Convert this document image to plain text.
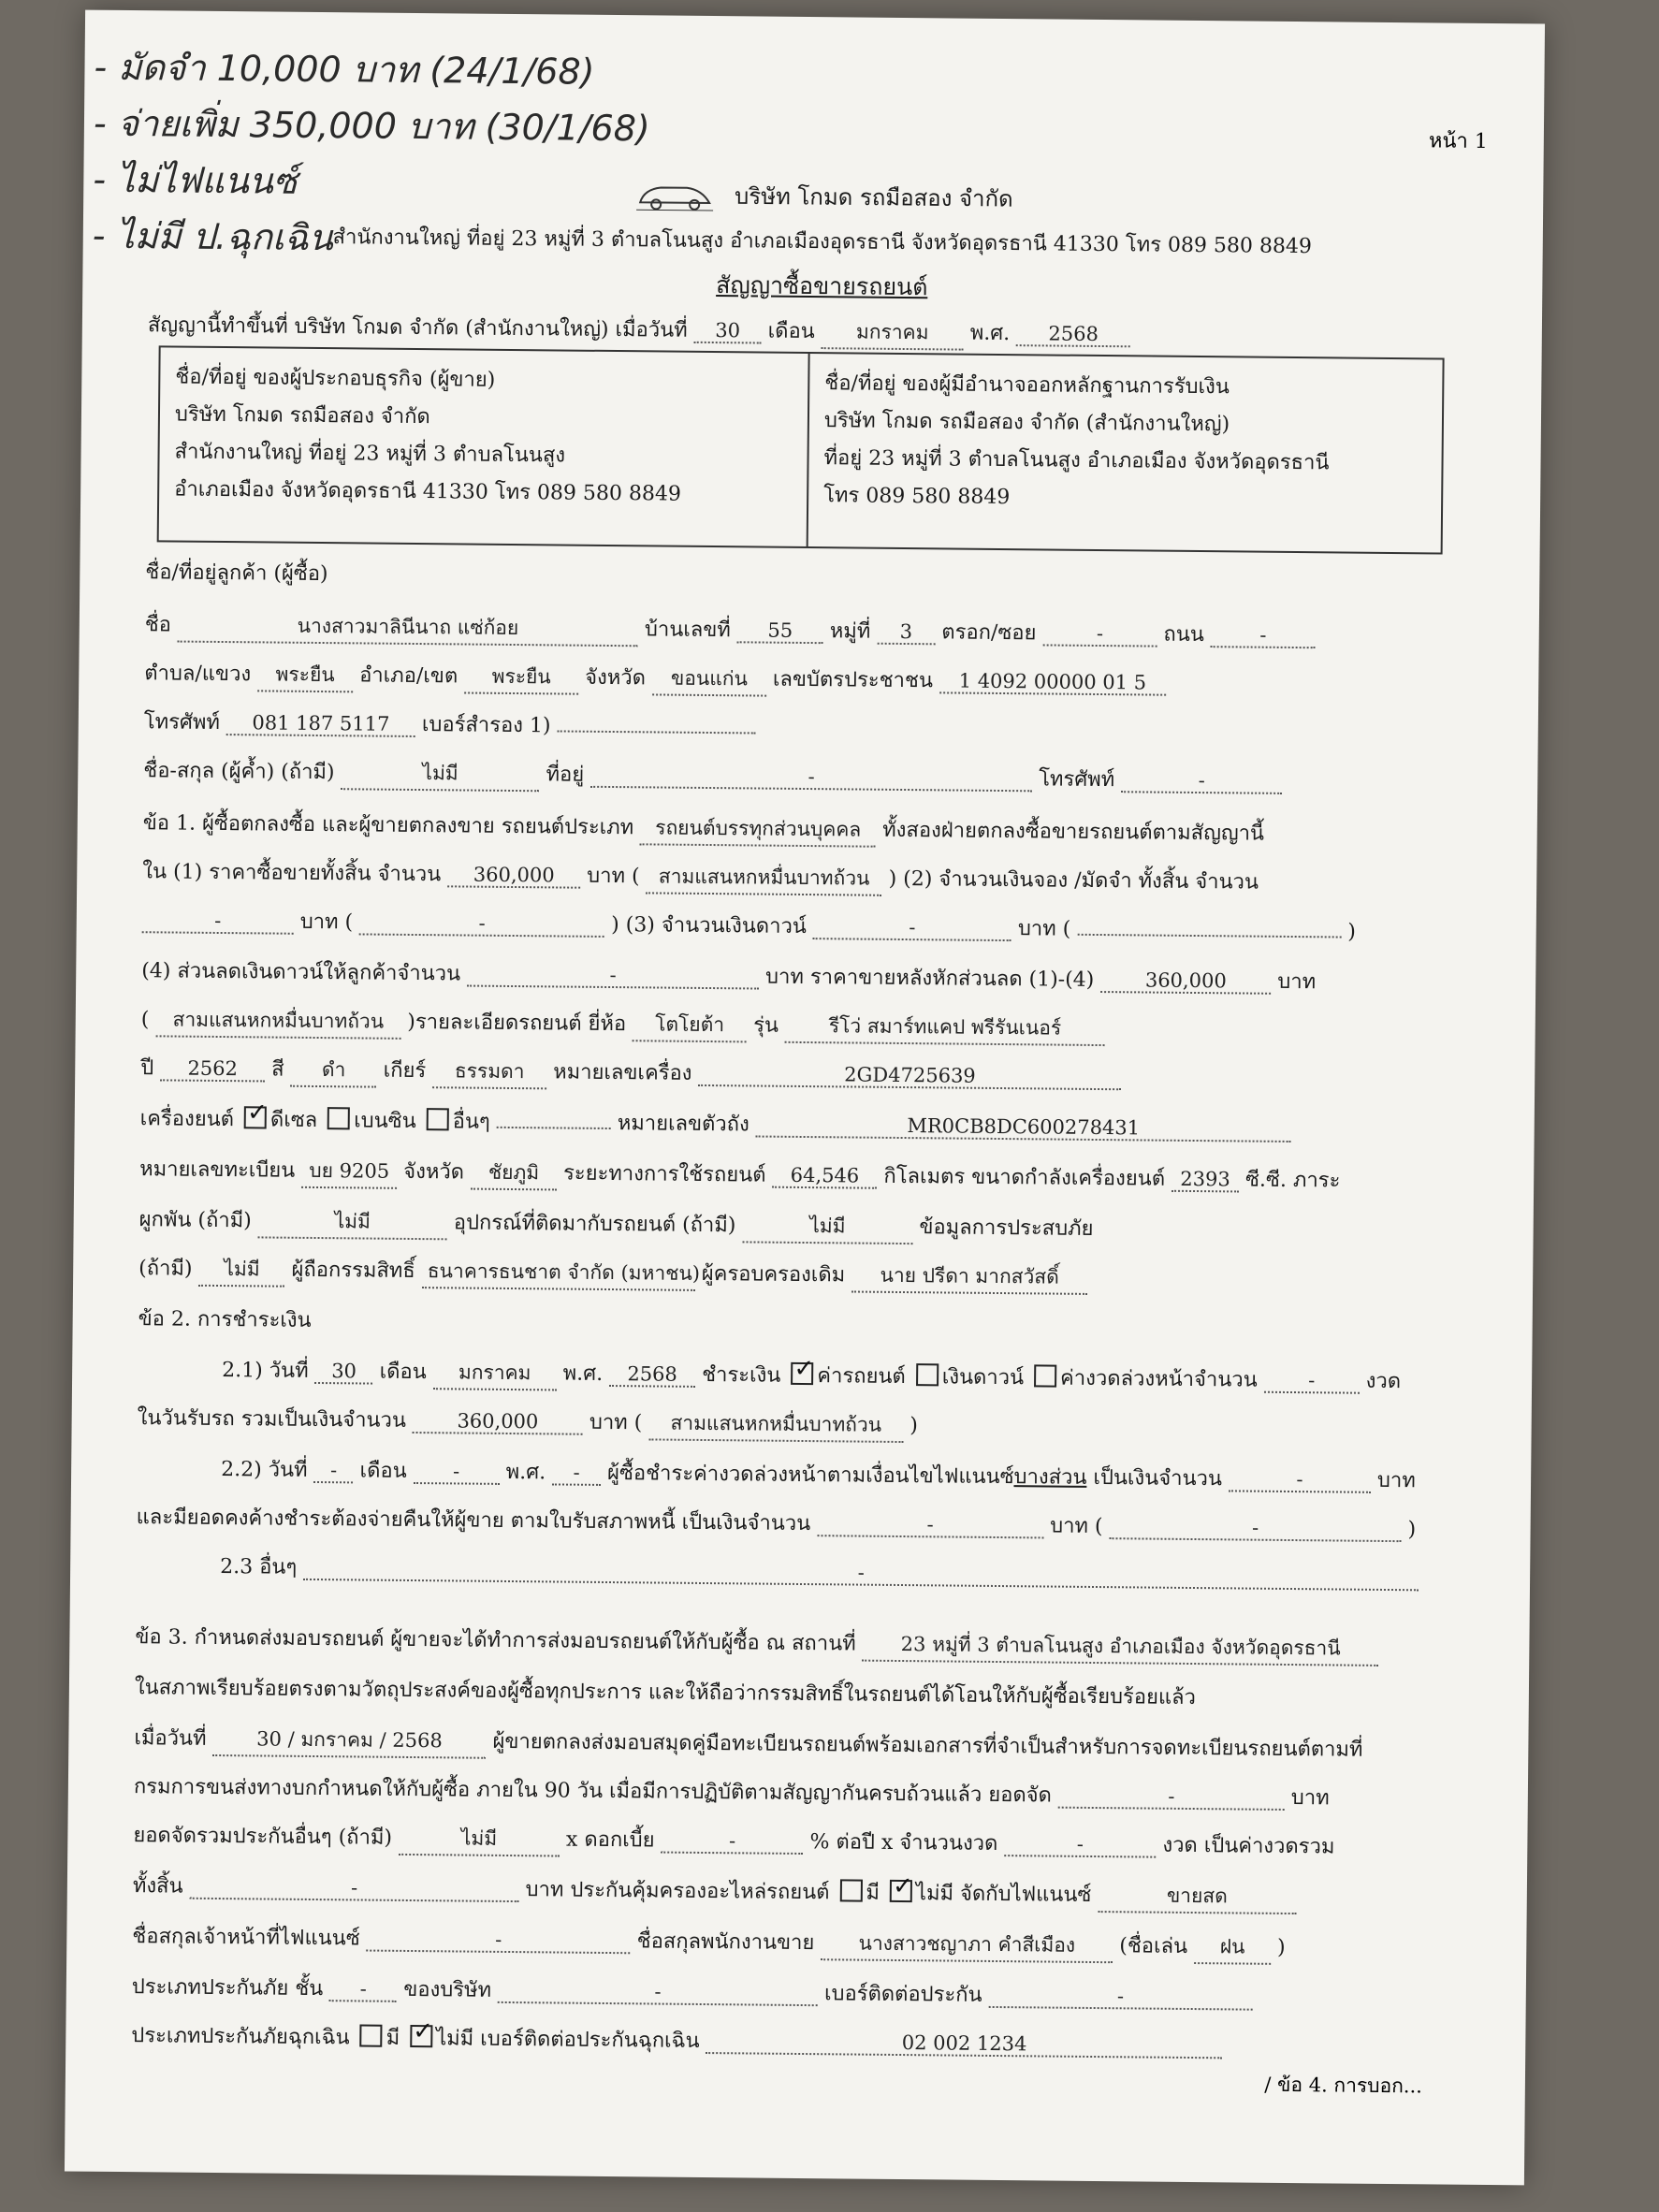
- มัดจำ 10,000 บาท (24/1/68)
- จ่ายเพิ่ม 350,000 บาท (30/1/68)
- ไม่ไฟแนนซ์
- ไม่มี ป.ฉุกเฉิน
หน้า 1
บริษัท โกมด รถมือสอง จำกัด
สำนักงานใหญ่ ที่อยู่ 23 หมู่ที่ 3 ตำบลโนนสูง อำเภอเมืองอุดรธานี จังหวัดอุดรธานี 41330 โทร 089 580 8849
สัญญาซื้อขายรถยนต์
สัญญานี้ทำขึ้นที่ บริษัท โกมด จำกัด (สำนักงานใหญ่) เมื่อวันที่ 30 เดือน มกราคม พ.ศ. 2568
ชื่อ/ที่อยู่ ของผู้ประกอบธุรกิจ (ผู้ขาย)
บริษัท โกมด รถมือสอง จำกัด
สำนักงานใหญ่ ที่อยู่ 23 หมู่ที่ 3 ตำบลโนนสูง
อำเภอเมือง จังหวัดอุดรธานี 41330 โทร 089 580 8849
ชื่อ/ที่อยู่ ของผู้มีอำนาจออกหลักฐานการรับเงิน
บริษัท โกมด รถมือสอง จำกัด (สำนักงานใหญ่)
ที่อยู่ 23 หมู่ที่ 3 ตำบลโนนสูง อำเภอเมือง จังหวัดอุดรธานี
โทร 089 580 8849
ชื่อ/ที่อยู่ลูกค้า (ผู้ซื้อ)
ชื่อ	นางสาวมาลินีนาถ แซ่ก้อย	บ้านเลขที่ 55 หมู่ที่ 3 ตรอก/ซอย	-	ถนน	-
ตำบล/แขวง พระยืน อำเภอ/เขต พระยืน จังหวัด ขอนแก่น เลขบัตรประชาชน 1 4092 00000 01 5
โทรศัพท์ 081 187 5117 เบอร์สำรอง 1)
ชื่อ-สกุล (ผู้ค้ำ) (ถ้ามี)	ไม่มี	ที่อยู่	-	โทรศัพท์	-
ข้อ 1. ผู้ซื้อตกลงซื้อ และผู้ขายตกลงขาย รถยนต์ประเภท รถยนต์บรรทุกส่วนบุคคล ทั้งสองฝ่ายตกลงซื้อขายรถยนต์ตามสัญญานี้
ใน (1) ราคาซื้อขายทั้งสิ้น จำนวน 360,000 บาท ( สามแสนหกหมื่นบาทถ้วน ) (2) จำนวนเงินจอง /มัดจำ ทั้งสิ้น จำนวน
-	บาท (	-	) (3) จำนวนเงินดาวน์	-	บาท (	)
(4) ส่วนลดเงินดาวน์ให้ลูกค้าจำนวน	-	บาท ราคาขายหลังหักส่วนลด (1)-(4)	360,000 บาท
( สามแสนหกหมื่นบาทถ้วน )รายละเอียดรถยนต์ ยี่ห้อ โตโยต้า รุ่น	รีโว่ สมาร์ทแคป พรีรันเนอร์
ปี 2562 สี ดำ เกียร์ ธรรมดา หมายเลขเครื่อง	2GD4725639
เครื่องยนต์ ✓ ดีเซล เบนซิน อื่นๆ	หมายเลขตัวถัง	MR0CB8DC600278431
หมายเลขทะเบียน บย 9205 จังหวัด ชัยภูมิ ระยะทางการใช้รถยนต์ 64,546 กิโลเมตร ขนาดกำลังเครื่องยนต์ 2393 ซี.ซี. ภาระ
ผูกพัน (ถ้ามี)	ไม่มี	อุปกรณ์ที่ติดมากับรถยนต์ (ถ้ามี)	ไม่มี	ข้อมูลการประสบภัย
(ถ้ามี) ไม่มี ผู้ถือกรรมสิทธิ์ ธนาคารธนชาต จำกัด (มหาชน) ผู้ครอบครองเดิม นาย ปรีดา มากสวัสดิ์
ข้อ 2. การชำระเงิน
2.1) วันที่ 30 เดือน มกราคม พ.ศ. 2568 ชำระเงิน ✓ ค่ารถยนต์ เงินดาวน์ ค่างวดล่วงหน้าจำนวน	- งวด
ในวันรับรถ รวมเป็นเงินจำนวน	360,000 บาท ( สามแสนหกหมื่นบาทถ้วน )
2.2) วันที่ - เดือน - พ.ศ. - ผู้ซื้อชำระค่างวดล่วงหน้าตามเงื่อนไขไฟแนนซ์บางส่วน เป็นเงินจำนวน	-	บาท
และมียอดคงค้างชำระต้องจ่ายคืนให้ผู้ขาย ตามใบรับสภาพหนี้ เป็นเงินจำนวน	-	บาท (	-	)
2.3 อื่นๆ	-
ข้อ 3. กำหนดส่งมอบรถยนต์ ผู้ขายจะได้ทำการส่งมอบรถยนต์ให้กับผู้ซื้อ ณ สถานที่ 23 หมู่ที่ 3 ตำบลโนนสูง อำเภอเมือง จังหวัดอุดรธานี
ในสภาพเรียบร้อยตรงตามวัตถุประสงค์ของผู้ซื้อทุกประการ และให้ถือว่ากรรมสิทธิ์ในรถยนต์ได้โอนให้กับผู้ซื้อเรียบร้อยแล้ว
เมื่อวันที่	30 / มกราคม / 2568 ผู้ขายตกลงส่งมอบสมุดคู่มือทะเบียนรถยนต์พร้อมเอกสารที่จำเป็นสำหรับการจดทะเบียนรถยนต์ตามที่
กรมการขนส่งทางบกกำหนดให้กับผู้ซื้อ ภายใน 90 วัน เมื่อมีการปฏิบัติตามสัญญากันครบถ้วนแล้ว ยอดจัด	-	บาท
ยอดจัดรวมประกันอื่นๆ (ถ้ามี)	ไม่มี	x ดอกเบี้ย	-	% ต่อปี x จำนวนงวด	-	งวด เป็นค่างวดรวม
ทั้งสิ้น	-	บาท ประกันคุ้มครองอะไหล่รถยนต์ มี ✓ ไม่มี จัดกับไฟแนนซ์	ขายสด
ชื่อสกุลเจ้าหน้าที่ไฟแนนซ์	-	ชื่อสกุลพนักงานขาย นางสาวชญาภา คำสีเมือง (ชื่อเล่น ฝน )
ประเภทประกันภัย ชั้น - ของบริษัท	-	เบอร์ติดต่อประกัน	-
ประเภทประกันภัยฉุกเฉิน มี ✓ ไม่มี เบอร์ติดต่อประกันฉุกเฉิน	02 002 1234
/ ข้อ 4. การบอก...
